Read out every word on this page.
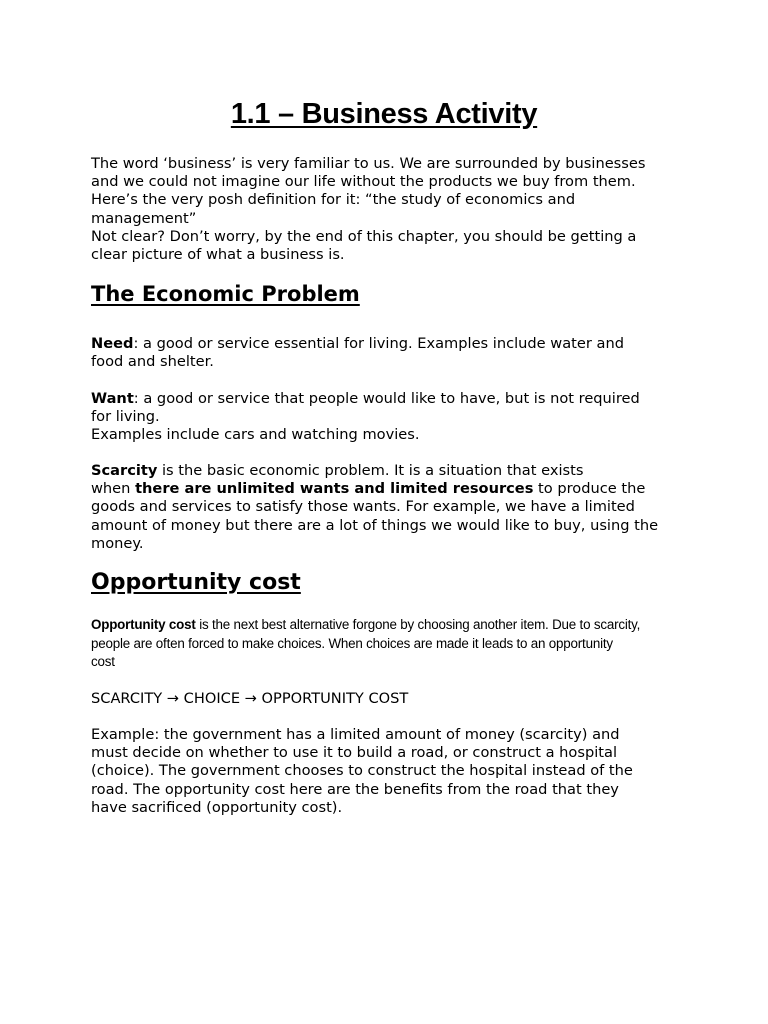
1.1 – Business Activity
The word ‘business’ is very familiar to us. We are surrounded by businesses
and we could not imagine our life without the products we buy from them.
Here’s the very posh definition for it: “the study of economics and
management”
Not clear? Don’t worry, by the end of this chapter, you should be getting a
clear picture of what a business is.
The Economic Problem
Need: a good or service essential for living. Examples include water and
food and shelter.
Want: a good or service that people would like to have, but is not required
for living.
Examples include cars and watching movies.
Scarcity is the basic economic problem. It is a situation that exists
when there are unlimited wants and limited resources to produce the
goods and services to satisfy those wants. For example, we have a limited
amount of money but there are a lot of things we would like to buy, using the
money.
Opportunity cost
Opportunity cost is the next best alternative forgone by choosing another item. Due to scarcity,
people are often forced to make choices. When choices are made it leads to an opportunity
cost
SCARCITY → CHOICE → OPPORTUNITY COST
Example: the government has a limited amount of money (scarcity) and
must decide on whether to use it to build a road, or construct a hospital
(choice). The government chooses to construct the hospital instead of the
road. The opportunity cost here are the benefits from the road that they
have sacrificed (opportunity cost).
